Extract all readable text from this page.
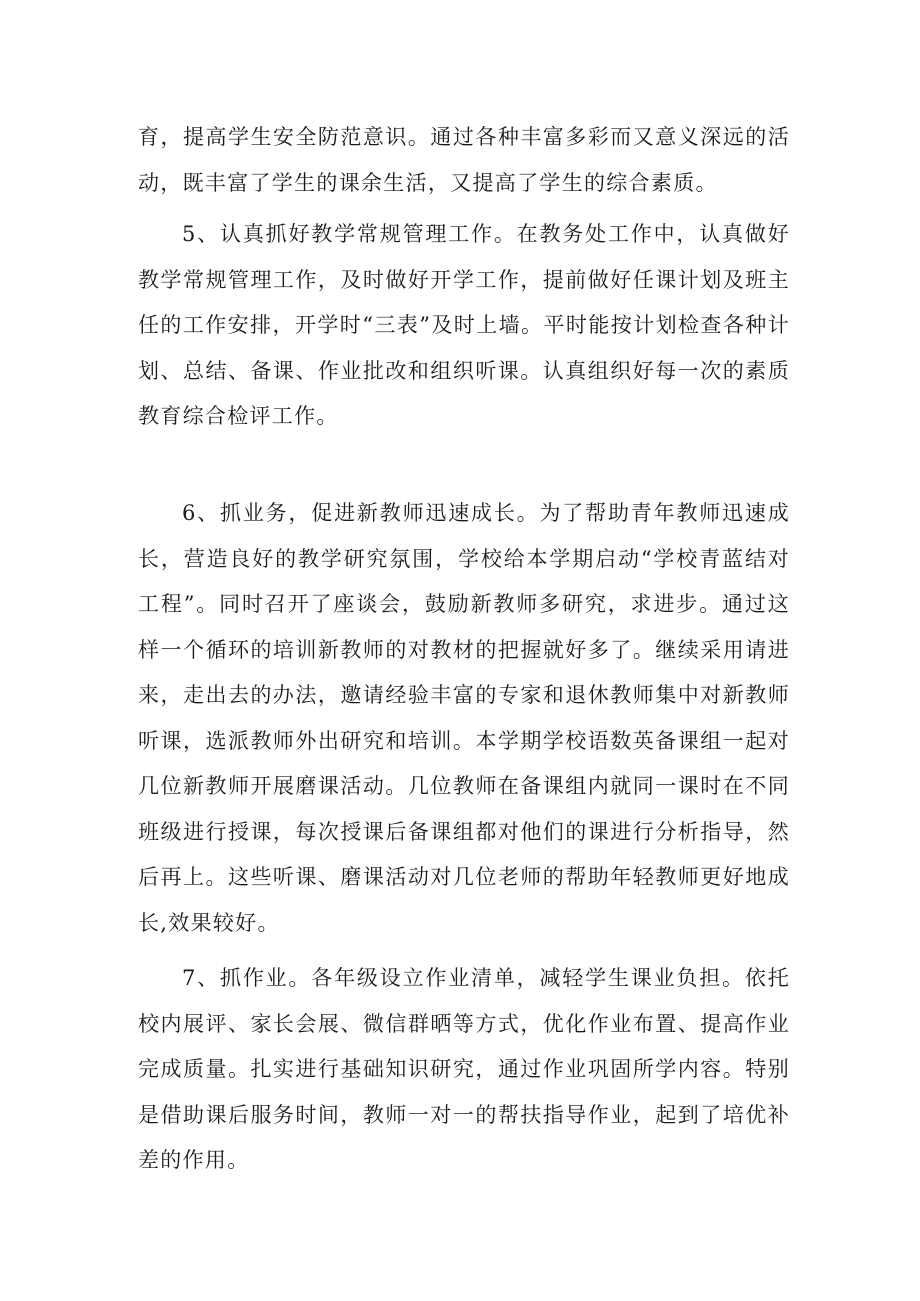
育，提高学生安全防范意识。通过各种丰富多彩而又意义深远的活动，既丰富了学生的课余生活，又提高了学生的综合素质。

5、认真抓好教学常规管理工作。在教务处工作中，认真做好教学常规管理工作，及时做好开学工作，提前做好任课计划及班主任的工作安排，开学时“三表”及时上墙。平时能按计划检查各种计划、总结、备课、作业批改和组织听课。认真组织好每一次的素质教育综合检评工作。

6、抓业务，促进新教师迅速成长。为了帮助青年教师迅速成长，营造良好的教学研究氛围，学校给本学期启动“学校青蓝结对工程”。同时召开了座谈会，鼓励新教师多研究，求进步。通过这样一个循环的培训新教师的对教材的把握就好多了。继续采用请进来，走出去的办法，邀请经验丰富的专家和退休教师集中对新教师听课，选派教师外出研究和培训。本学期学校语数英备课组一起对几位新教师开展磨课活动。几位教师在备课组内就同一课时在不同班级进行授课，每次授课后备课组都对他们的课进行分析指导，然后再上。这些听课、磨课活动对几位老师的帮助年轻教师更好地成长,效果较好。

7、抓作业。各年级设立作业清单，减轻学生课业负担。依托校内展评、家长会展、微信群晒等方式，优化作业布置、提高作业完成质量。扎实进行基础知识研究，通过作业巩固所学内容。特别是借助课后服务时间，教师一对一的帮扶指导作业，起到了培优补差的作用。
